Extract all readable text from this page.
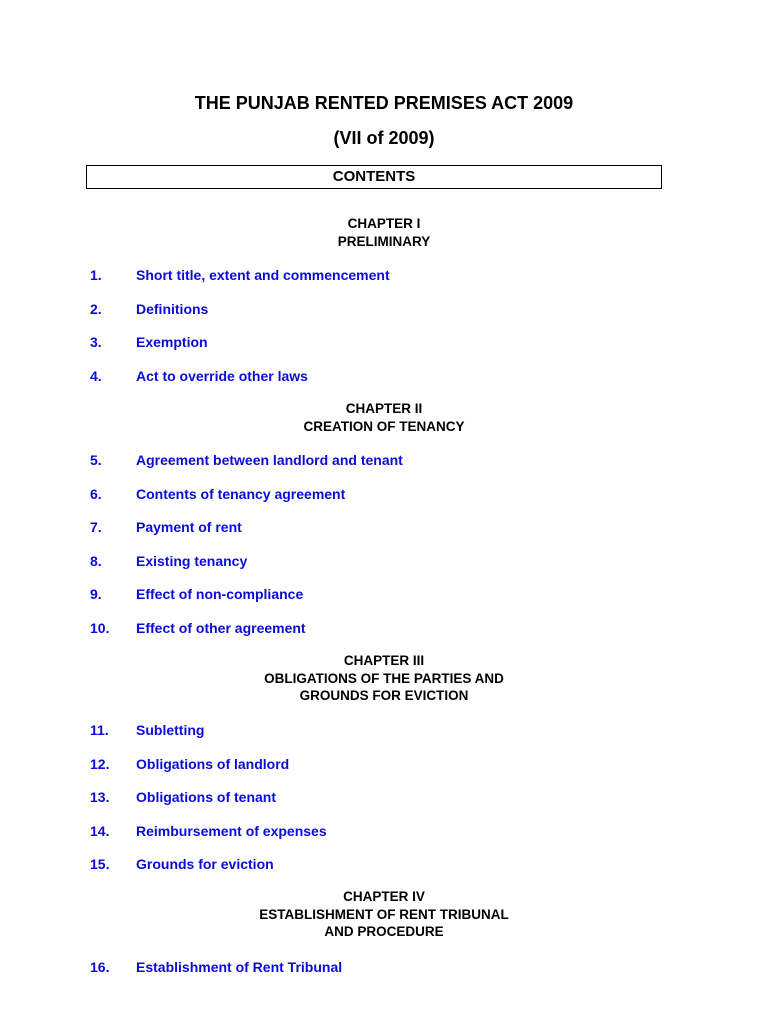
THE PUNJAB RENTED PREMISES ACT 2009
(VII of 2009)
CONTENTS
CHAPTER I
PRELIMINARY
1. Short title, extent and commencement
2. Definitions
3. Exemption
4. Act to override other laws
CHAPTER II
CREATION OF TENANCY
5. Agreement between landlord and tenant
6. Contents of tenancy agreement
7. Payment of rent
8. Existing tenancy
9. Effect of non-compliance
10. Effect of other agreement
CHAPTER III
OBLIGATIONS OF THE PARTIES AND
GROUNDS FOR EVICTION
11. Subletting
12. Obligations of landlord
13. Obligations of tenant
14. Reimbursement of expenses
15. Grounds for eviction
CHAPTER IV
ESTABLISHMENT OF RENT TRIBUNAL
AND PROCEDURE
16. Establishment of Rent Tribunal
